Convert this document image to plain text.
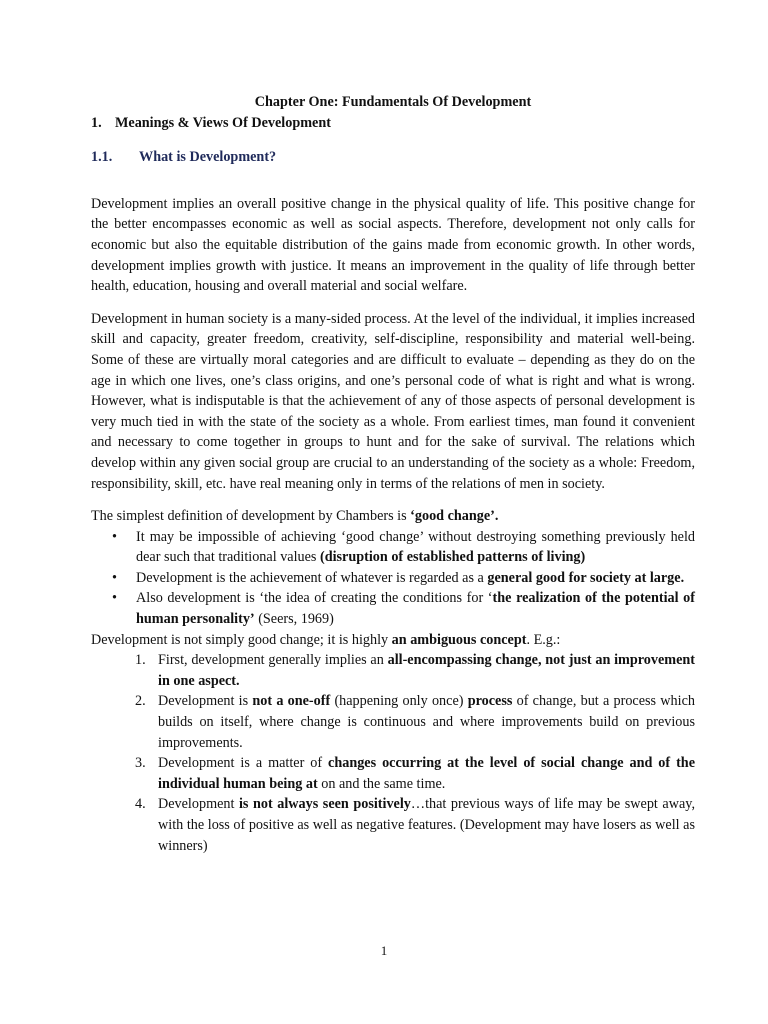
Chapter One: Fundamentals Of Development
1. Meanings & Views Of Development
1.1. What is Development?

Development implies an overall positive change in the physical quality of life. This positive change for the better encompasses economic as well as social aspects. Therefore, development not only calls for economic but also the equitable distribution of the gains made from economic growth. In other words, development implies growth with justice. It means an improvement in the quality of life through better health, education, housing and overall material and social welfare.

Development in human society is a many-sided process. At the level of the individual, it implies increased skill and capacity, greater freedom, creativity, self-discipline, responsibility and material well-being. Some of these are virtually moral categories and are difficult to evaluate – depending as they do on the age in which one lives, one’s class origins, and one’s personal code of what is right and what is wrong. However, what is indisputable is that the achievement of any of those aspects of personal development is very much tied in with the state of the society as a whole. From earliest times, man found it convenient and necessary to come together in groups to hunt and for the sake of survival. The relations which develop within any given social group are crucial to an understanding of the society as a whole: Freedom, responsibility, skill, etc. have real meaning only in terms of the relations of men in society.

The simplest definition of development by Chambers is ‘good change’.

• It may be impossible of achieving ‘good change’ without destroying something previously held dear such that traditional values (disruption of established patterns of living)
• Development is the achievement of whatever is regarded as a general good for society at large.
• Also development is ‘the idea of creating the conditions for ‘the realization of the potential of human personality’ (Seers, 1969)

Development is not simply good change; it is highly an ambiguous concept. E.g.:

1. First, development generally implies an all-encompassing change, not just an improvement in one aspect.
2. Development is not a one-off (happening only once) process of change, but a process which builds on itself, where change is continuous and where improvements build on previous improvements.
3. Development is a matter of changes occurring at the level of social change and of the individual human being at on and the same time.
4. Development is not always seen positively…that previous ways of life may be swept away, with the loss of positive as well as negative features. (Development may have losers as well as winners)
1
